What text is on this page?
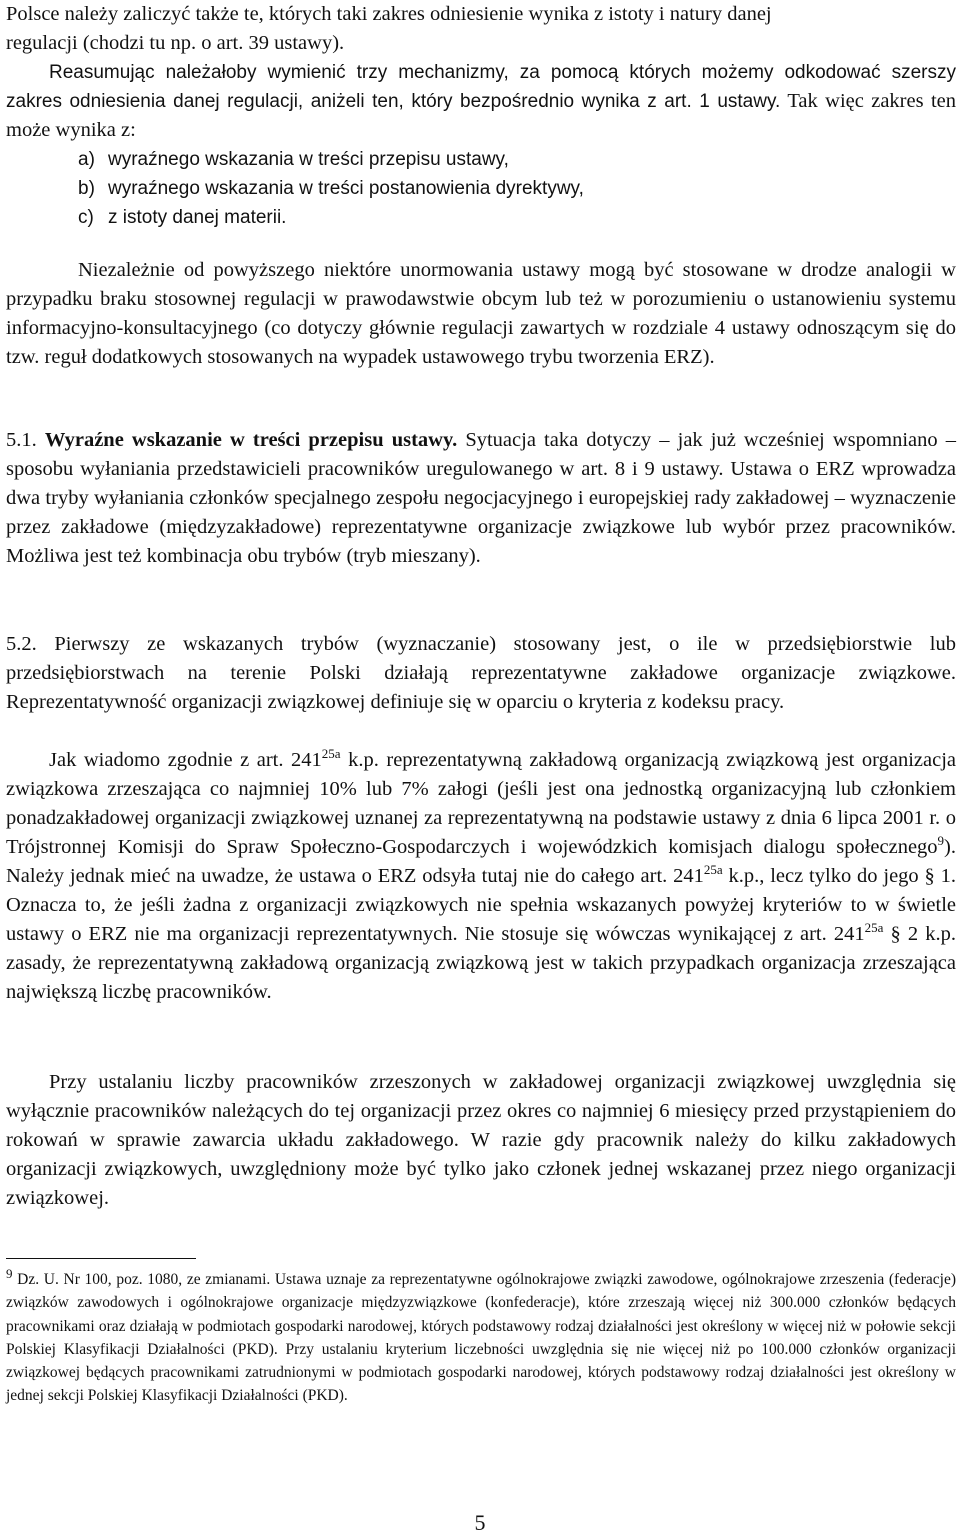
Polsce należy zaliczyć także te, których taki zakres odniesienie wynika z istoty i natury danej
regulacji (chodzi tu np. o art. 39 ustawy).

Reasumując należałoby wymienić trzy mechanizmy, za pomocą których możemy odkodować szerszy zakres odniesienia danej regulacji, aniżeli ten, który bezpośrednio wynika z art. 1 ustawy. Tak więc zakres ten może wynika z:

a) wyraźnego wskazania w treści przepisu ustawy,
b) wyraźnego wskazania w treści postanowienia dyrektywy,
c) z istoty danej materii.

Niezależnie od powyższego niektóre unormowania ustawy mogą być stosowane w drodze analogii w przypadku braku stosownej regulacji w prawodawstwie obcym lub też w porozumieniu o ustanowieniu systemu informacyjno-konsultacyjnego (co dotyczy głównie regulacji zawartych w rozdziale 4 ustawy odnoszącym się do tzw. reguł dodatkowych stosowanych na wypadek ustawowego trybu tworzenia ERZ).

5.1. Wyraźne wskazanie w treści przepisu ustawy. Sytuacja taka dotyczy – jak już wcześniej wspomniano – sposobu wyłaniania przedstawicieli pracowników uregulowanego w art. 8 i 9 ustawy. Ustawa o ERZ wprowadza dwa tryby wyłaniania członków specjalnego zespołu negocjacyjnego i europejskiej rady zakładowej – wyznaczenie przez zakładowe (międzyzakładowe) reprezentatywne organizacje związkowe lub wybór przez pracowników. Możliwa jest też kombinacja obu trybów (tryb mieszany).

5.2. Pierwszy ze wskazanych trybów (wyznaczanie) stosowany jest, o ile w przedsiębiorstwie lub przedsiębiorstwach na terenie Polski działają reprezentatywne zakładowe organizacje związkowe. Reprezentatywność organizacji związkowej definiuje się w oparciu o kryteria z kodeksu pracy.

Jak wiadomo zgodnie z art. $241^{25a}$ k.p. reprezentatywną zakładową organizacją związkową jest organizacja związkowa zrzeszająca co najmniej 10% lub 7% załogi (jeśli jest ona jednostką organizacyjną lub członkiem ponadzakładowej organizacji związkowej uznanej za reprezentatywną na podstawie ustawy z dnia 6 lipca 2001 r. o Trójstronnej Komisji do Spraw Społeczno-Gospodarczych i wojewódzkich komisjach dialogu społecznego$^9$). Należy jednak mieć na uwadze, że ustawa o ERZ odsyła tutaj nie do całego art. $241^{25a}$ k.p., lecz tylko do jego § 1. Oznacza to, że jeśli żadna z organizacji związkowych nie spełnia wskazanych powyżej kryteriów to w świetle ustawy o ERZ nie ma organizacji reprezentatywnych. Nie stosuje się wówczas wynikającej z art. $241^{25a}$ § 2 k.p. zasady, że reprezentatywną zakładową organizacją związkową jest w takich przypadkach organizacja zrzeszająca największą liczbę pracowników.

Przy ustalaniu liczby pracowników zrzeszonych w zakładowej organizacji związkowej uwzględnia się wyłącznie pracowników należących do tej organizacji przez okres co najmniej 6 miesięcy przed przystąpieniem do rokowań w sprawie zawarcia układu zakładowego. W razie gdy pracownik należy do kilku zakładowych organizacji związkowych, uwzględniony może być tylko jako członek jednej wskazanej przez niego organizacji związkowej.

$^9$ Dz. U. Nr 100, poz. 1080, ze zmianami. Ustawa uznaje za reprezentatywne ogólnokrajowe związki zawodowe, ogólnokrajowe zrzeszenia (federacje) związków zawodowych i ogólnokrajowe organizacje międzyzwiązkowe (konfederacje), które zrzeszają więcej niż 300.000 członków będących pracownikami oraz działają w podmiotach gospodarki narodowej, których podstawowy rodzaj działalności jest określony w więcej niż w połowie sekcji Polskiej Klasyfikacji Działalności (PKD). Przy ustalaniu kryterium liczebności uwzględnia się nie więcej niż po 100.000 członków organizacji związkowej będących pracownikami zatrudnionymi w podmiotach gospodarki narodowej, których podstawowy rodzaj działalności jest określony w jednej sekcji Polskiej Klasyfikacji Działalności (PKD).

5
